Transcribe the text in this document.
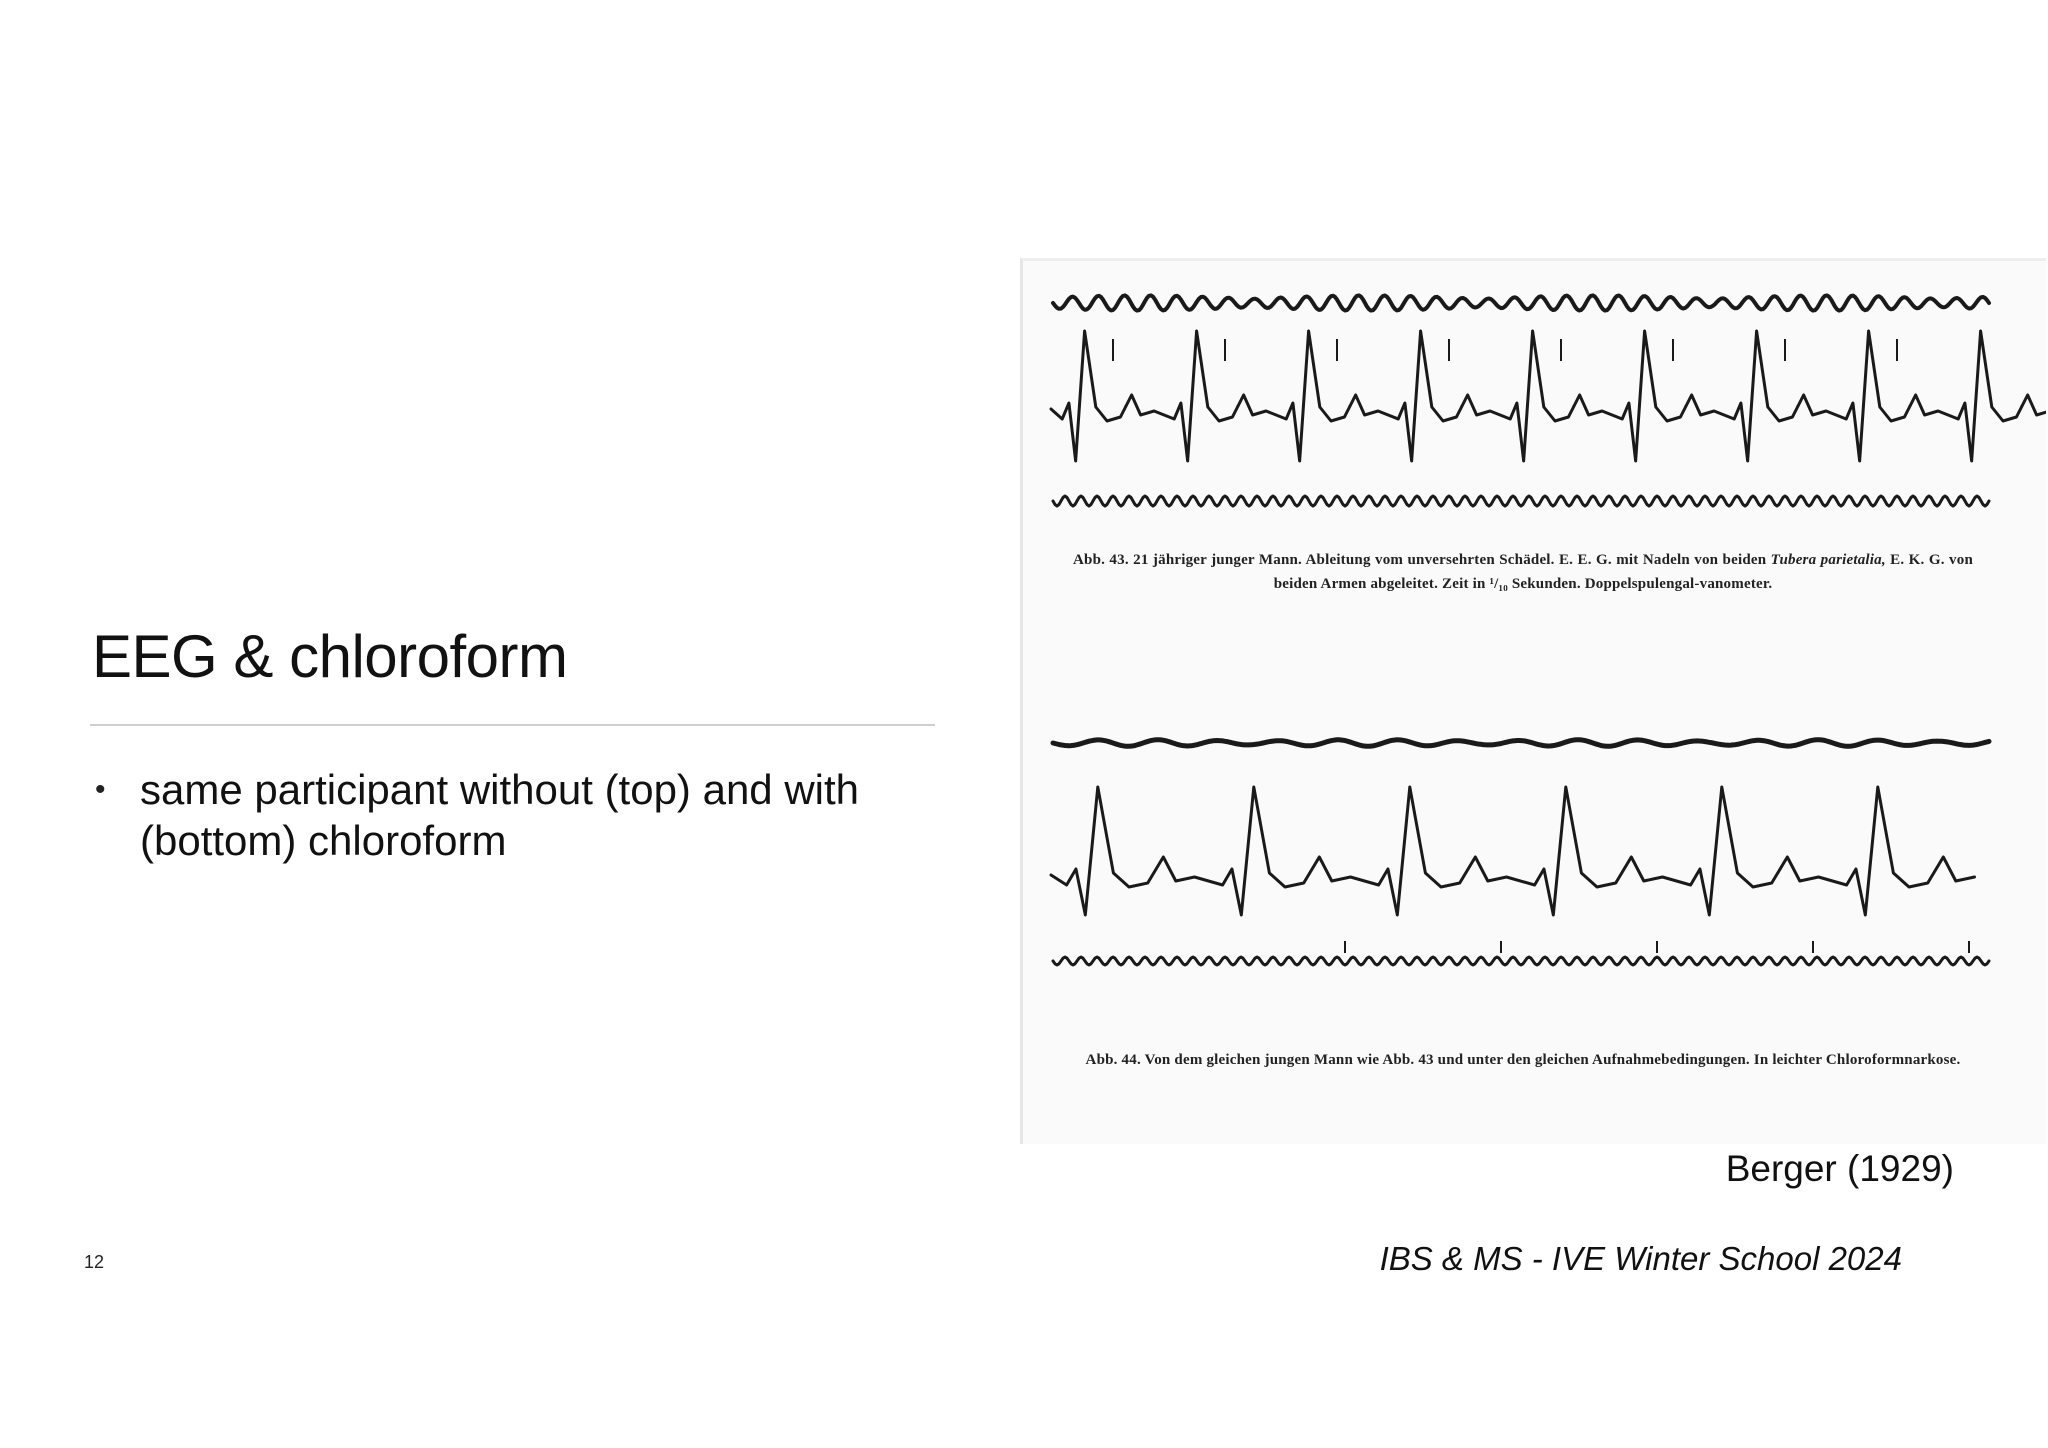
EEG & chloroform
• same participant without (top) and with (bottom) chloroform
Abb. 43. 21 jähriger junger Mann. Ableitung vom unversehrten Schädel. E. E. G. mit Nadeln von beiden Tubera parietalia, E. K. G. von beiden Armen abgeleitet. Zeit in ¹/₁₀ Sekunden. Doppelspulengal-vanometer.
Abb. 44. Von dem gleichen jungen Mann wie Abb. 43 und unter den gleichen Aufnahmebedingungen. In leichter Chloroformnarkose.
Berger (1929)
12	IBS & MS - IVE Winter School 2024
